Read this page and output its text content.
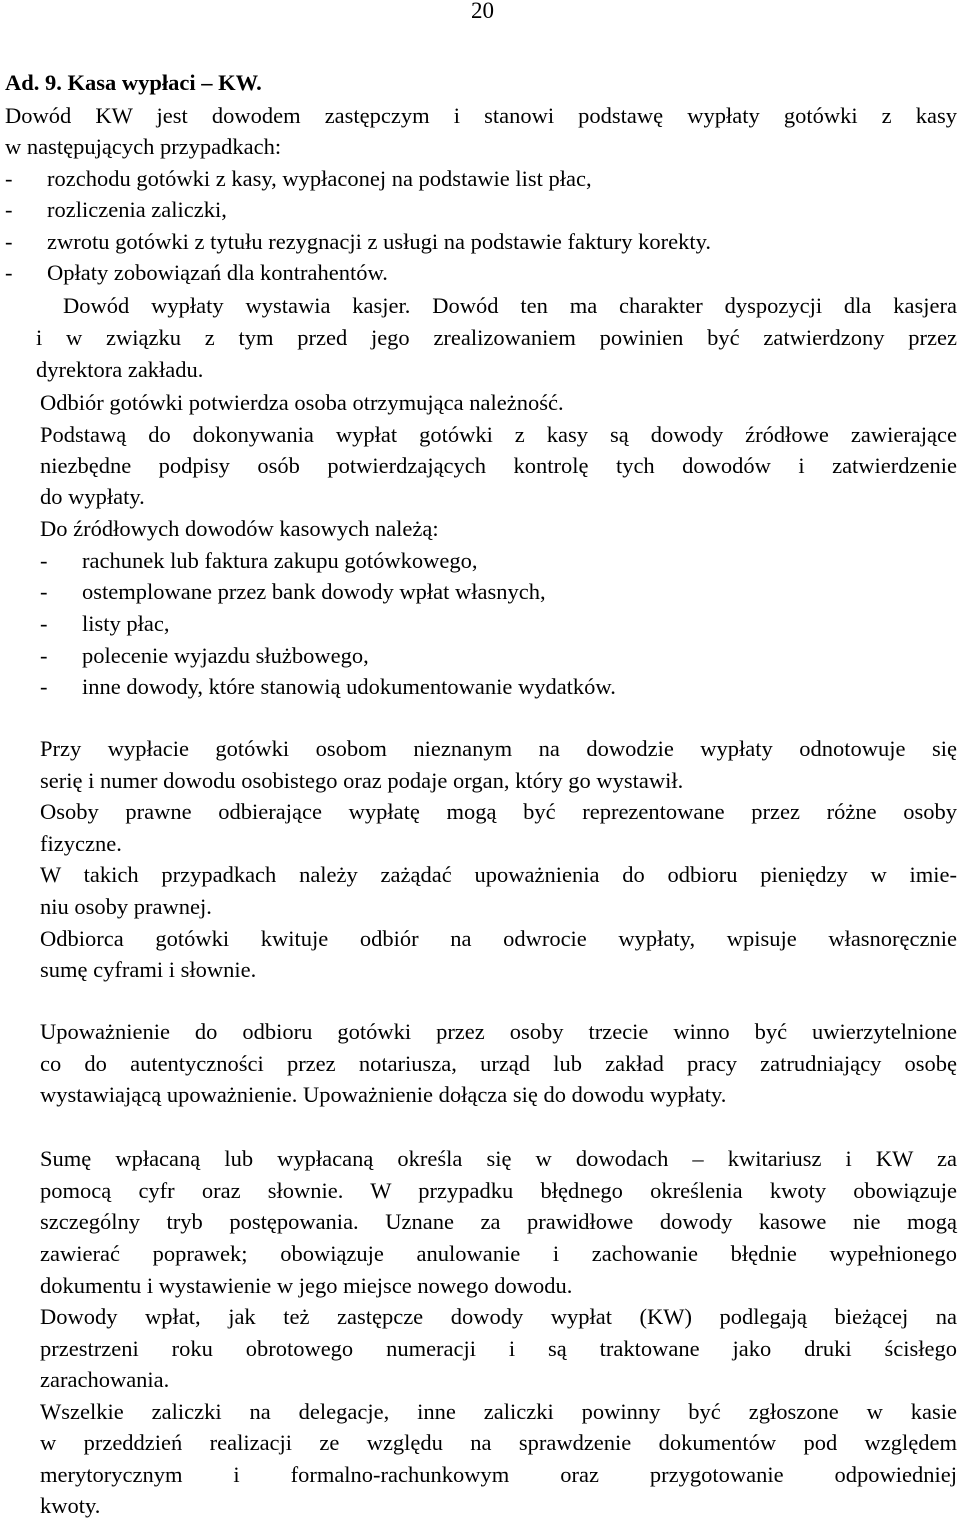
20

Ad. 9. Kasa wypłaci – KW.

Dowód KW jest dowodem zastępczym i stanowi podstawę wypłaty gotówki z kasy

w następujących przypadkach:

- rozchodu gotówki z kasy, wypłaconej na podstawie list płac,

- rozliczenia zaliczki,

- zwrotu gotówki z tytułu rezygnacji z usługi na podstawie faktury korekty.

- Opłaty zobowiązań dla kontrahentów.

Dowód wypłaty wystawia kasjer. Dowód ten ma charakter dyspozycji dla kasjera

i w związku z tym przed jego zrealizowaniem powinien być zatwierdzony przez

dyrektora zakładu.

Odbiór gotówki potwierdza osoba otrzymująca należność.

Podstawą do dokonywania wypłat gotówki z kasy są dowody źródłowe zawierające

niezbędne podpisy osób potwierdzających kontrolę tych dowodów i zatwierdzenie

do wypłaty.

Do źródłowych dowodów kasowych należą:

- rachunek lub faktura zakupu gotówkowego,

- ostemplowane przez bank dowody wpłat własnych,

- listy płac,

- polecenie wyjazdu służbowego,

- inne dowody, które stanowią udokumentowanie wydatków.

Przy wypłacie gotówki osobom nieznanym na dowodzie wypłaty odnotowuje się

serię i numer dowodu osobistego oraz podaje organ, który go wystawił.

Osoby prawne odbierające wypłatę mogą być reprezentowane przez różne osoby

fizyczne.

W takich przypadkach należy zażądać upoważnienia do odbioru pieniędzy w imie-

niu osoby prawnej.

Odbiorca gotówki kwituje odbiór na odwrocie wypłaty, wpisuje własnoręcznie

sumę cyframi i słownie.

Upoważnienie do odbioru gotówki przez osoby trzecie winno być uwierzytelnione

co do autentyczności przez notariusza, urząd lub zakład pracy zatrudniający osobę

wystawiającą upoważnienie. Upoważnienie dołącza się do dowodu wypłaty.

Sumę wpłacaną lub wypłacaną określa się w dowodach – kwitariusz i KW za

pomocą cyfr oraz słownie. W przypadku błędnego określenia kwoty obowiązuje

szczególny tryb postępowania. Uznane za prawidłowe dowody kasowe nie mogą

zawierać poprawek; obowiązuje anulowanie i zachowanie błędnie wypełnionego

dokumentu i wystawienie w jego miejsce nowego dowodu.

Dowody wpłat, jak też zastępcze dowody wypłat (KW) podlegają bieżącej na

przestrzeni roku obrotowego numeracji i są traktowane jako druki ścisłego

zarachowania.

Wszelkie zaliczki na delegacje, inne zaliczki powinny być zgłoszone w kasie

w przeddzień realizacji ze względu na sprawdzenie dokumentów pod względem

merytorycznym i formalno-rachunkowym oraz przygotowanie odpowiedniej

kwoty.
